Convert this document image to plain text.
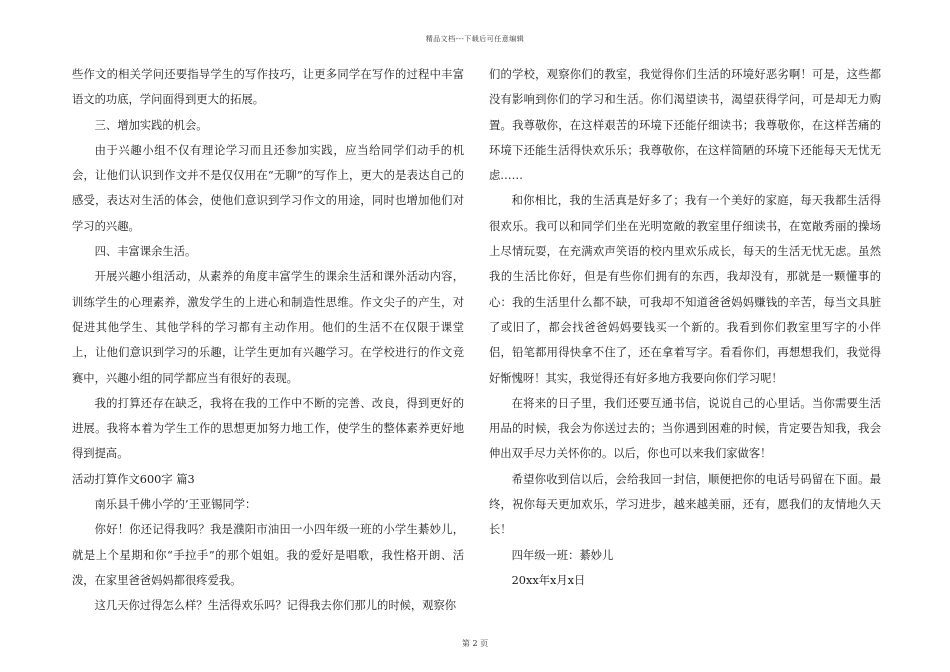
精品文档---下载后可任意编辑

些作文的相关学问还要指导学生的写作技巧，让更多同学在写作的过程中丰富语文的功底，学问面得到更大的拓展。

三、增加实践的机会。

由于兴趣小组不仅有理论学习而且还参加实践，应当给同学们动手的机会，让他们认识到作文并不是仅仅用在“无聊”的写作上，更大的是表达自己的感受，表达对生活的体会，使他们意识到学习作文的用途，同时也增加他们对学习的兴趣。

四、丰富课余生活。

开展兴趣小组活动，从素养的角度丰富学生的课余生活和课外活动内容，训练学生的心理素养，激发学生的上进心和制造性思维。作文尖子的产生，对促进其他学生、其他学科的学习都有主动作用。他们的生活不在仅限于课堂上，让他们意识到学习的乐趣，让学生更加有兴趣学习。在学校进行的作文竞赛中，兴趣小组的同学都应当有很好的表现。

我的打算还存在缺乏，我将在我的工作中不断的完善、改良，得到更好的进展。我将本着为学生工作的思想更加努力地工作，使学生的整体素养更好地得到提高。

活动打算作文600字 篇3

南乐县千佛小学的’王亚锡同学：

你好！你还记得我吗？我是濮阳市油田一小四年级一班的小学生綦妙儿，就是上个星期和你“手拉手”的那个姐姐。我的爱好是唱歌，我性格开朗、活泼，在家里爸爸妈妈都很疼爱我。

这几天你过得怎么样？生活得欢乐吗？记得我去你们那儿的时候，观察你

们的学校，观察你们的教室，我觉得你们生活的环境好恶劣啊！可是，这些都没有影响到你们的学习和生活。你们渴望读书，渴望获得学问，可是却无力购置。我尊敬你，在这样艰苦的环境下还能仔细读书；我尊敬你，在这样苦痛的环境下还能生活得快欢乐乐；我尊敬你，在这样简陋的环境下还能每天无忧无虑……

和你相比，我的生活真是好多了；我有一个美好的家庭，每天我都生活得很欢乐。我可以和同学们坐在光明宽敞的教室里仔细读书，在宽敞秀丽的操场上尽情玩耍，在充满欢声笑语的校内里欢乐成长，每天的生活无忧无虑。虽然我的生活比你好，但是有些你们拥有的东西，我却没有，那就是一颗懂事的心：我的生活里什么都不缺，可我却不知道爸爸妈妈赚钱的辛苦，每当文具脏了或旧了，都会找爸爸妈妈要钱买一个新的。我看到你们教室里写字的小伴侣，铅笔都用得快拿不住了，还在拿着写字。看看你们，再想想我们，我觉得好惭愧呀！其实，我觉得还有好多地方我要向你们学习呢！

在将来的日子里，我们还要互通书信，说说自己的心里话。当你需要生活用品的时候，我会为你送过去的；当你遇到困难的时候，肯定要告知我，我会伸出双手尽力关怀你的。以后，你也可以来我们家做客！

希望你收到信以后，会给我回一封信，顺便把你的电话号码留在下面。最终，祝你每天更加欢乐，学习进步，越来越美丽，还有，愿我们的友情地久天长！

四年级一班：綦妙儿

20xx年x月x日

第 2 页
